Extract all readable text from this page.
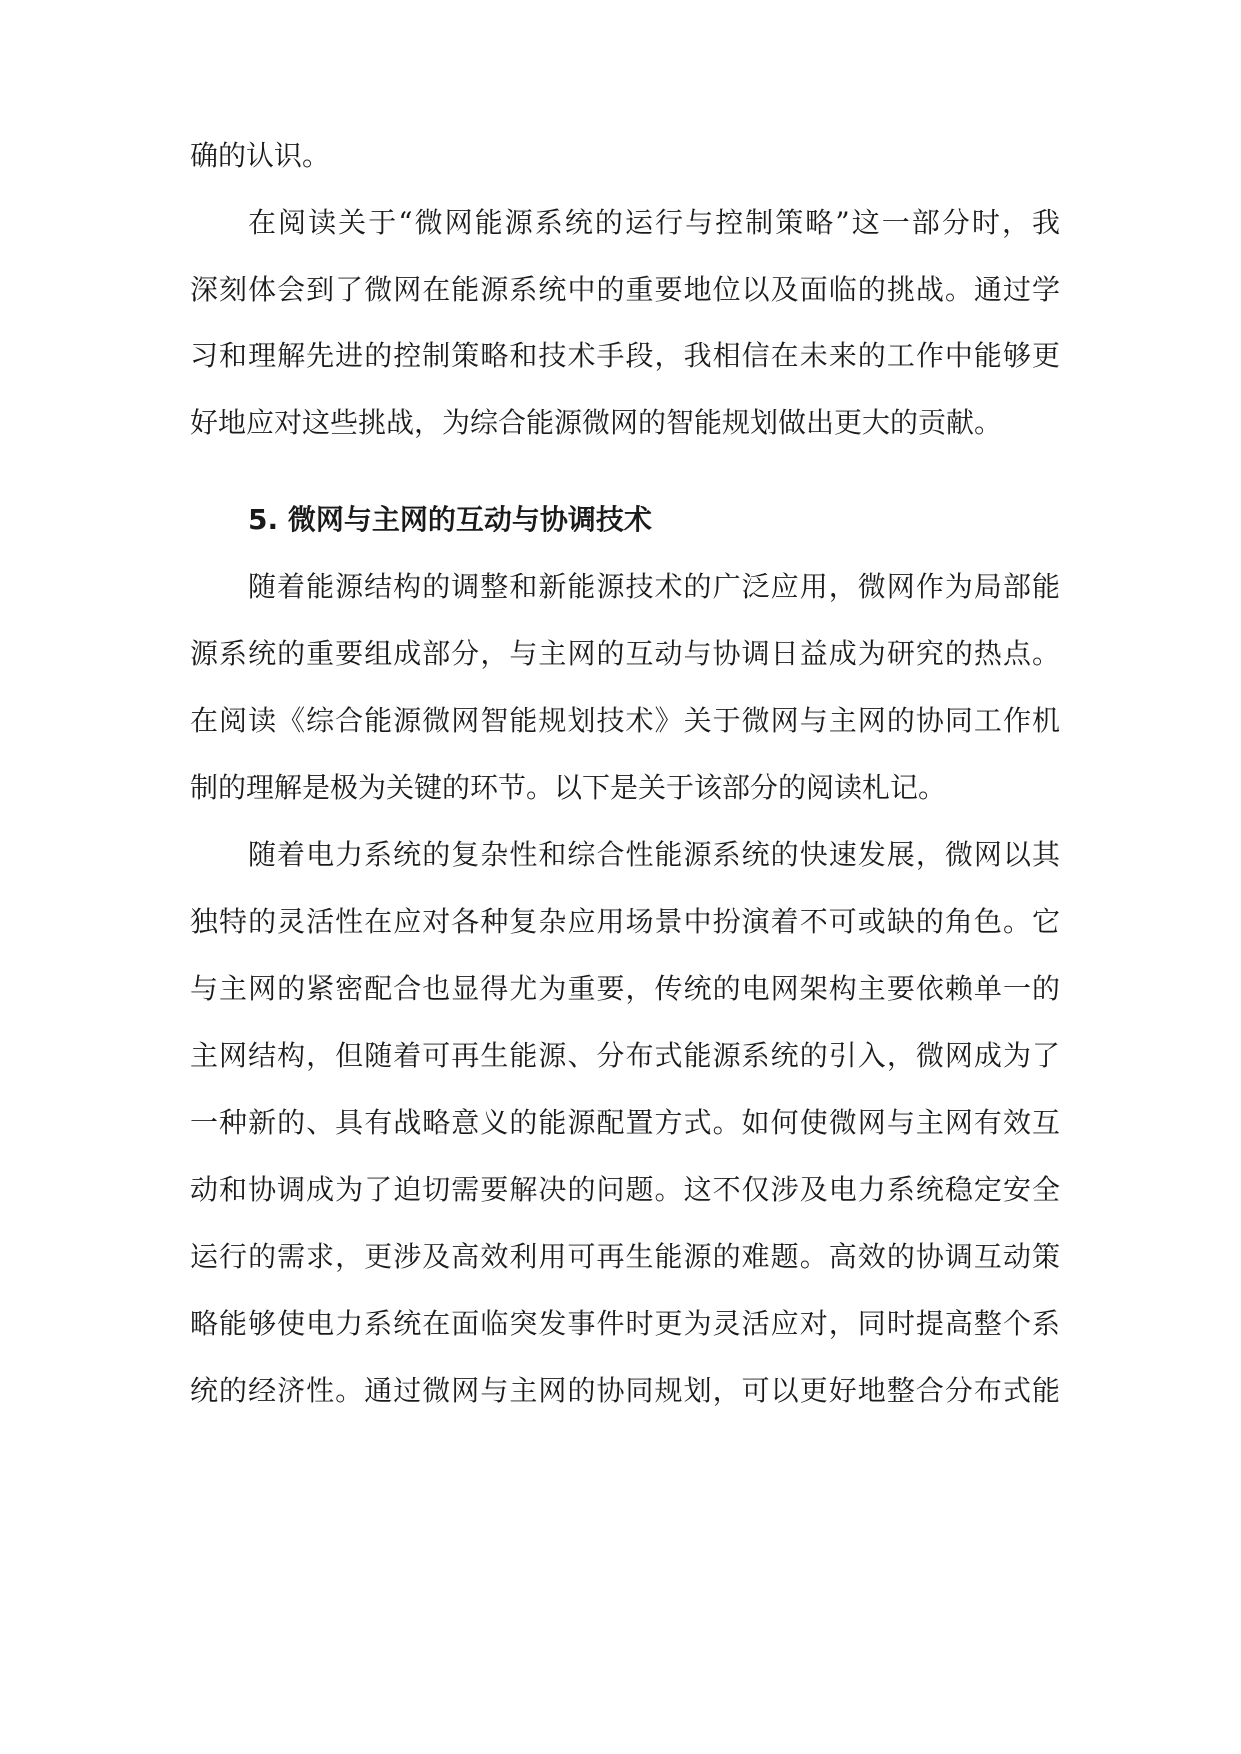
确的认识。
在阅读关于“微网能源系统的运行与控制策略”这一部分时，我
深刻体会到了微网在能源系统中的重要地位以及面临的挑战。通过学
习和理解先进的控制策略和技术手段，我相信在未来的工作中能够更
好地应对这些挑战，为综合能源微网的智能规划做出更大的贡献。
5. 微网与主网的互动与协调技术
随着能源结构的调整和新能源技术的广泛应用，微网作为局部能
源系统的重要组成部分，与主网的互动与协调日益成为研究的热点。
在阅读《综合能源微网智能规划技术》关于微网与主网的协同工作机
制的理解是极为关键的环节。以下是关于该部分的阅读札记。
随着电力系统的复杂性和综合性能源系统的快速发展，微网以其
独特的灵活性在应对各种复杂应用场景中扮演着不可或缺的角色。它
与主网的紧密配合也显得尤为重要，传统的电网架构主要依赖单一的
主网结构，但随着可再生能源、分布式能源系统的引入，微网成为了
一种新的、具有战略意义的能源配置方式。如何使微网与主网有效互
动和协调成为了迫切需要解决的问题。这不仅涉及电力系统稳定安全
运行的需求，更涉及高效利用可再生能源的难题。高效的协调互动策
略能够使电力系统在面临突发事件时更为灵活应对，同时提高整个系
统的经济性。通过微网与主网的协同规划，可以更好地整合分布式能
